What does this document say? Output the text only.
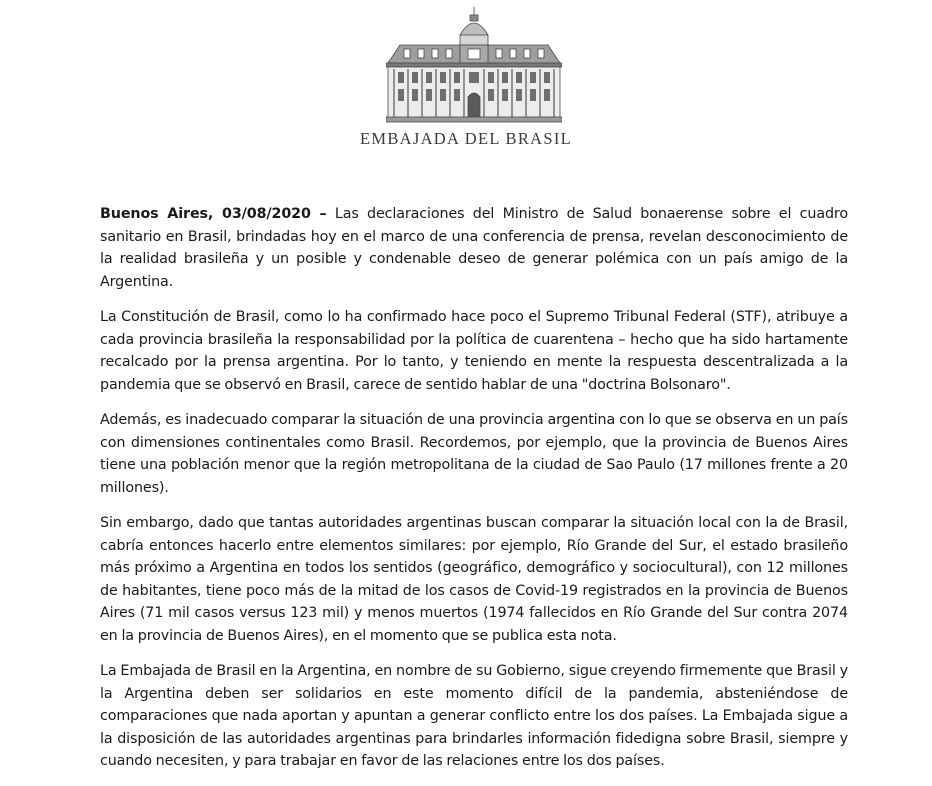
EMBAJADA DEL BRASIL

Buenos Aires, 03/08/2020 – Las declaraciones del Ministro de Salud bonaerense sobre el cuadro sanitario en Brasil, brindadas hoy en el marco de una conferencia de prensa, revelan desconocimiento de la realidad brasileña y un posible y condenable deseo de generar polémica con un país amigo de la Argentina.

La Constitución de Brasil, como lo ha confirmado hace poco el Supremo Tribunal Federal (STF), atribuye a cada provincia brasileña la responsabilidad por la política de cuarentena – hecho que ha sido hartamente recalcado por la prensa argentina. Por lo tanto, y teniendo en mente la respuesta descentralizada a la pandemia que se observó en Brasil, carece de sentido hablar de una "doctrina Bolsonaro".

Además, es inadecuado comparar la situación de una provincia argentina con lo que se observa en un país con dimensiones continentales como Brasil. Recordemos, por ejemplo, que la provincia de Buenos Aires tiene una población menor que la región metropolitana de la ciudad de Sao Paulo (17 millones frente a 20 millones).

Sin embargo, dado que tantas autoridades argentinas buscan comparar la situación local con la de Brasil, cabría entonces hacerlo entre elementos similares: por ejemplo, Río Grande del Sur, el estado brasileño más próximo a Argentina en todos los sentidos (geográfico, demográfico y sociocultural), con 12 millones de habitantes, tiene poco más de la mitad de los casos de Covid-19 registrados en la provincia de Buenos Aires (71 mil casos versus 123 mil) y menos muertos (1974 fallecidos en Río Grande del Sur contra 2074 en la provincia de Buenos Aires), en el momento que se publica esta nota.

La Embajada de Brasil en la Argentina, en nombre de su Gobierno, sigue creyendo firmemente que Brasil y la Argentina deben ser solidarios en este momento difícil de la pandemia, absteniéndose de comparaciones que nada aportan y apuntan a generar conflicto entre los dos países. La Embajada sigue a la disposición de las autoridades argentinas para brindarles información fidedigna sobre Brasil, siempre y cuando necesiten, y para trabajar en favor de las relaciones entre los dos países.
